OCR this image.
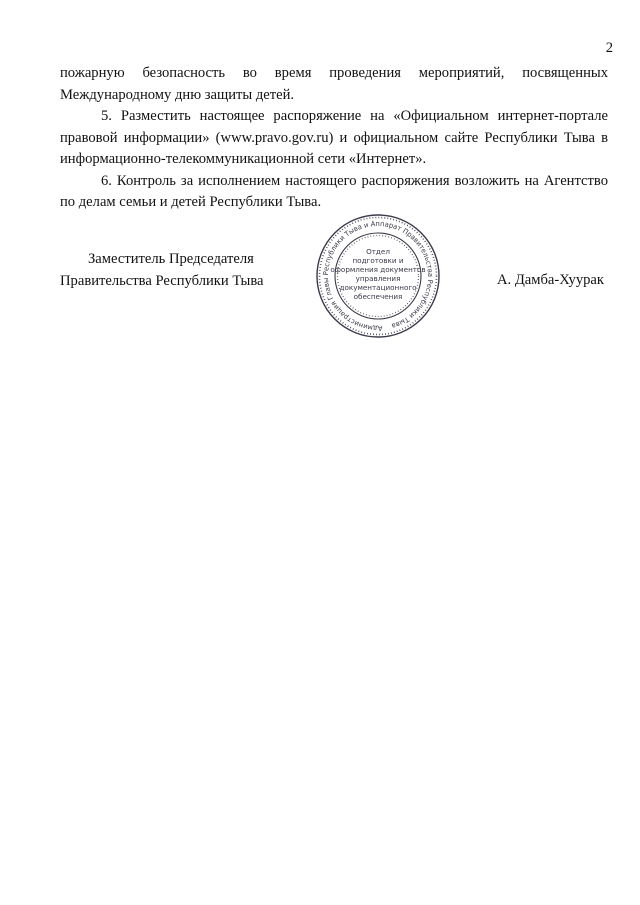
2

пожарную безопасность во время проведения мероприятий, посвященных Международному дню защиты детей.

5. Разместить настоящее распоряжение на «Официальном интернет-портале правовой информации» (www.pravo.gov.ru) и официальном сайте Республики Тыва в информационно-телекоммуникационной сети «Интернет».

6. Контроль за исполнением настоящего распоряжения возложить на Агентство по делам семьи и детей Республики Тыва.

Заместитель Председателя
Правительства Республики Тыва
Администрация Главы Республики Тыва и Аппарат Правительства Республики Тыва
Отдел
подготовки и
оформления документов
управления
документационного
обеспечения
А. Дамба-Хуурак
